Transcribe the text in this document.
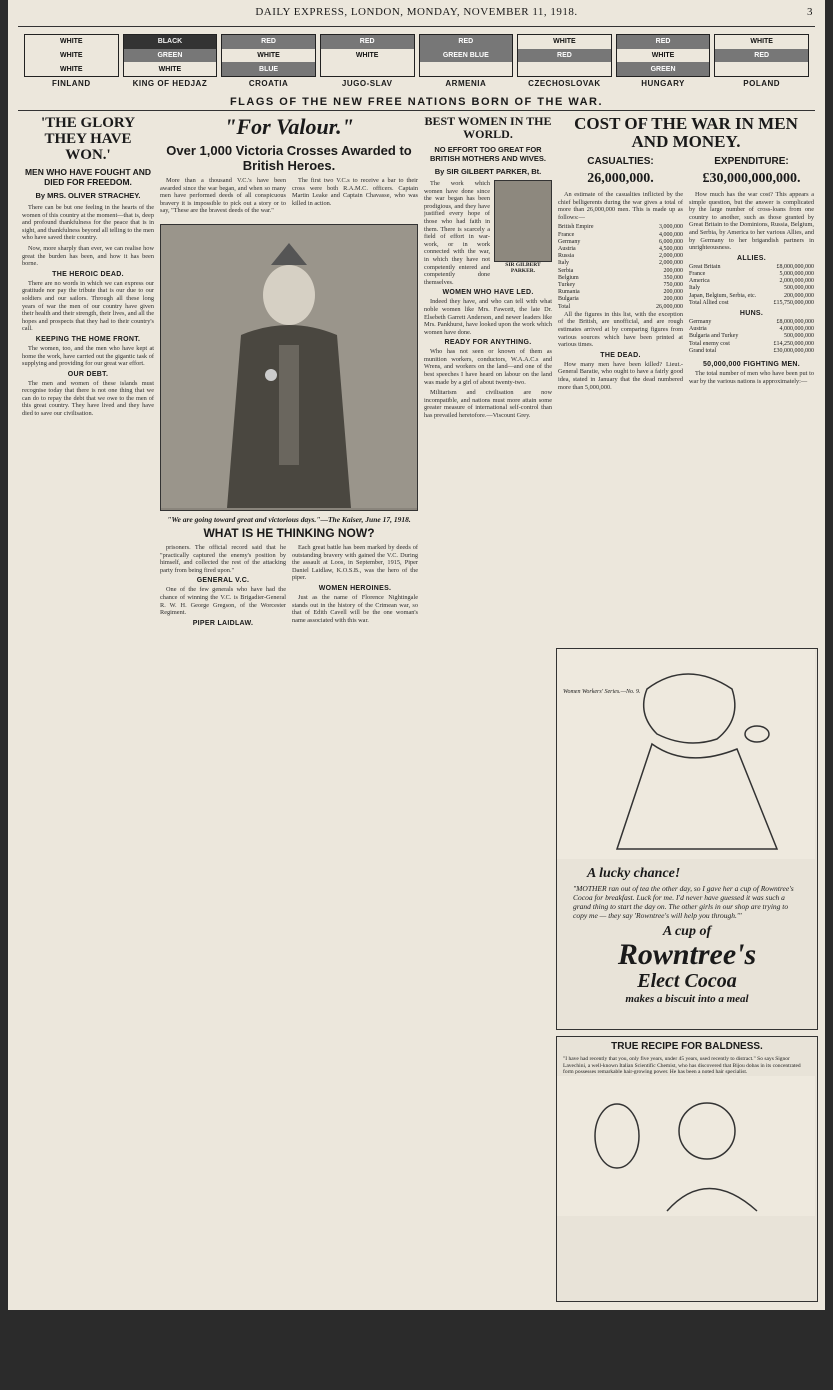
DAILY EXPRESS, LONDON, MONDAY, NOVEMBER 11, 1918.	3
WHITE
WHITE
WHITE
FINLAND
BLACK
GREEN
WHITE
KING OF HEDJAZ
RED
WHITE
BLUE
CROATIA
RED
WHITE
JUGO-SLAV
RED
GREEN BLUE
ARMENIA
WHITE
RED
CZECHOSLOVAK
RED
WHITE
GREEN
HUNGARY
WHITE
RED
POLAND
FLAGS OF THE NEW FREE NATIONS BORN OF THE WAR.
'THE GLORY THEY HAVE WON.'
MEN WHO HAVE FOUGHT AND DIED FOR FREEDOM.
By MRS. OLIVER STRACHEY.

There can be but one feeling in the hearts of the women of this country at the moment—that is, deep and profound thankfulness for the peace that is in sight, and thankfulness beyond all telling to the men who have saved their country.

Now, more sharply than ever, we can realise how great the burden has been, and how it has been borne.

THE HEROIC DEAD.

There are no words in which we can express our gratitude nor pay the tribute that is our due to our soldiers and our sailors. Through all these long years of war the men of our country have given their health and their strength, their lives, and all the hopes and prospects that they had to their country's call.

KEEPING THE HOME FRONT.

The women, too, and the men who have kept at home the work, have carried out the gigantic task of supplying and providing for our great war effort.

OUR DEBT.

The men and women of these islands must recognise today that there is not one thing that we can do to repay the debt that we owe to the men of this great country. They have lived and they have died to save our civilisation.

"For Valour."
Over 1,000 Victoria Crosses Awarded to British Heroes.

More than a thousand V.C.'s have been awarded since the war began, and when so many men have performed deeds of all conspicuous bravery it is impossible to pick out a story or to say, "These are the bravest deeds of the war."

The first two V.C.s to receive a bar to their cross were both R.A.M.C. officers. Captain Martin Leake and Captain Chavasse, who was killed in action.

"We are going toward great and victorious days."—The Kaiser, June 17, 1918.
WHAT IS HE THINKING NOW?

prisoners. The official record said that he "practically captured the enemy's position by himself, and collected the rest of the attacking party from being fired upon."

GENERAL V.C.

One of the few generals who have had the chance of winning the V.C. is Brigadier-General R. W. H. George Gregson, of the Worcester Regiment.

PIPER LAIDLAW.

Each great battle has been marked by deeds of outstanding bravery with gained the V.C. During the assault at Loos, in September, 1915, Piper Daniel Laidlaw, K.O.S.B., was the hero of the piper.

WOMEN HEROINES.

Just as the name of Florence Nightingale stands out in the history of the Crimean war, so that of Edith Cavell will be the one woman's name associated with this war.

BEST WOMEN IN THE WORLD.
NO EFFORT TOO GREAT FOR BRITISH MOTHERS AND WIVES.
By SIR GILBERT PARKER, Bt.
SIR GILBERT PARKER.

The work which women have done since the war began has been prodigious, and they have justified every hope of those who had faith in them. There is scarcely a field of effort in war-work, or in work connected with the war, in which they have not competently entered and competently done themselves.

WOMEN WHO HAVE LED.

Indeed they have, and who can tell with what noble women like Mrs. Fawcett, the late Dr. Elsebeth Garrett Anderson, and newer leaders like Mrs. Pankhurst, have looked upon the work which women have done.

READY FOR ANYTHING.

Who has not seen or known of them as munition workers, conductors, W.A.A.C.s and Wrens, and workers on the land—and one of the best speeches I have heard on labour on the land was made by a girl of about twenty-two.

Militarism and civilisation are now incompatible, and nations must more attain some greater measure of international self-control than has prevailed heretofore.—Viscount Grey.

COST OF THE WAR IN MEN AND MONEY.
CASUALTIES:
26,000,000.

An estimate of the casualties inflicted by the chief belligerents during the war gives a total of more than 26,000,000 men. This is made up as follows:—

British Empire	3,000,000
France	4,000,000
Germany	6,000,000
Austria	4,500,000
Russia	2,000,000
Italy	2,000,000
Serbia	200,000
Belgium	350,000
Turkey	750,000
Rumania	200,000
Bulgaria	200,000
Total	26,000,000

All the figures in this list, with the exception of the British, are unofficial, and are rough estimates arrived at by comparing figures from various sources which have been printed at various times.

THE DEAD.

How many men have been killed? Lieut.-General Baratie, who ought to have a fairly good idea, stated in January that the dead numbered more than 5,000,000.

EXPENDITURE:
£30,000,000,000.

How much has the war cost? This appears a simple question, but the answer is complicated by the large number of cross-loans from one country to another, such as those granted by Great Britain to the Dominions, Russia, Belgium, and Serbia, by America to her various Allies, and by Germany to her brigandish partners in unrighteousness.

ALLIES.
Great Britain	£8,000,000,000
France	5,000,000,000
America	2,000,000,000
Italy	500,000,000
Japan, Belgium, Serbia, etc.	200,000,000
Total Allied cost	£15,750,000,000
HUNS.
Germany	£8,000,000,000
Austria	4,000,000,000
Bulgaria and Turkey	500,000,000
Total enemy cost	£14,250,000,000
Grand total	£30,000,000,000
50,000,000 FIGHTING MEN.

The total number of men who have been put to war by the various nations is approximately:—

Women Workers' Series.—No. 9.
A lucky chance!
"MOTHER ran out of tea the other day, so I gave her a cup of Rowntree's Cocoa for breakfast. Luck for me. I'd never have guessed it was such a grand thing to start the day on. The other girls in our shop are trying to copy me — they say 'Rowntree's will help you through.'"
A cup of
Rowntree's
Elect Cocoa
makes a biscuit into a meal
TRUE RECIPE FOR BALDNESS.

"I have had recently that you, only five years, under 45 years, used recently to distract." So says Signor Lavechini, a well-known Italian Scientific Chemist, who has discovered that Bijou dobas in its concentrated form possesses remarkable hair-growing power. He has been a noted hair specialist.
